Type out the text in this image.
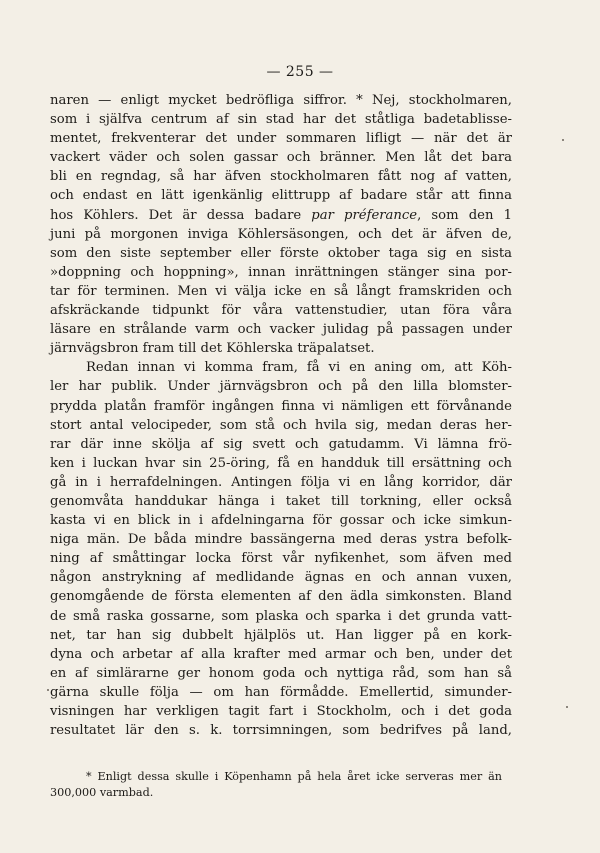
— 255 —

naren — enligt mycket bedröfliga siffror. * Nej, stockholmaren,
som i själfva centrum af sin stad har det ståtliga badetablisse-
mentet, frekventerar det under sommaren lifligt — när det är
vackert väder och solen gassar och bränner. Men låt det bara
bli en regndag, så har äfven stockholmaren fått nog af vatten,
och endast en lätt igenkänlig elittrupp af badare står att finna
hos Köhlers. Det är dessa badare par préferance, som den 1
juni på morgonen inviga Köhlersäsongen, och det är äfven de,
som den siste september eller förste oktober taga sig en sista
»doppning och hoppning», innan inrättningen stänger sina por-
tar för terminen. Men vi välja icke en så långt framskriden och
afskräckande tidpunkt för våra vattenstudier, utan föra våra
läsare en strålande varm och vacker julidag på passagen under
järnvägsbron fram till det Köhlerska träpalatset.

Redan innan vi komma fram, få vi en aning om, att Köh-
ler har publik. Under järnvägsbron och på den lilla blomster-
prydda platån framför ingången finna vi nämligen ett förvånande
stort antal velocipeder, som stå och hvila sig, medan deras her-
rar där inne skölja af sig svett och gatudamm. Vi lämna frö-
ken i luckan hvar sin 25-öring, få en handduk till ersättning och
gå in i herrafdelningen. Antingen följa vi en lång korridor, där
genomvåta handdukar hänga i taket till torkning, eller också
kasta vi en blick in i afdelningarna för gossar och icke simkun-
niga män. De båda mindre bassängerna med deras ystra befolk-
ning af småttingar locka först vår nyfikenhet, som äfven med
någon anstrykning af medlidande ägnas en och annan vuxen,
genomgående de första elementen af den ädla simkonsten. Bland
de små raska gossarne, som plaska och sparka i det grunda vatt-
net, tar han sig dubbelt hjälplös ut. Han ligger på en kork-
dyna och arbetar af alla krafter med armar och ben, under det
en af simlärarne ger honom goda och nyttiga råd, som han så
gärna skulle följa — om han förmådde. Emellertid, simunder-
visningen har verkligen tagit fart i Stockholm, och i det goda
resultatet lär den s. k. torrsimningen, som bedrifves på land,

* Enligt dessa skulle i Köpenhamn på hela året icke serveras mer än
300,000 varmbad.
